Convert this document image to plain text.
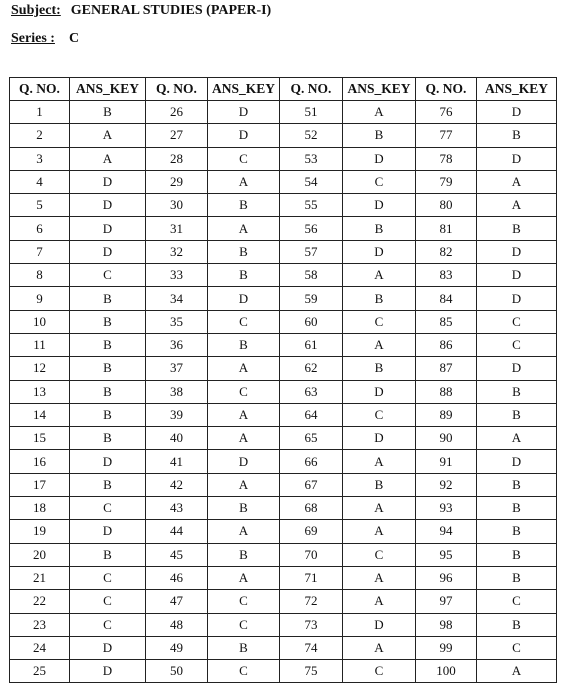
Subject: GENERAL STUDIES (PAPER-I)
Series : C
Q. NO.	ANS_KEY	Q. NO.	ANS_KEY	Q. NO.	ANS_KEY	Q. NO.	ANS_KEY
1	B	26	D	51	A	76	D
2	A	27	D	52	B	77	B
3	A	28	C	53	D	78	D
4	D	29	A	54	C	79	A
5	D	30	B	55	D	80	A
6	D	31	A	56	B	81	B
7	D	32	B	57	D	82	D
8	C	33	B	58	A	83	D
9	B	34	D	59	B	84	D
10	B	35	C	60	C	85	C
11	B	36	B	61	A	86	C
12	B	37	A	62	B	87	D
13	B	38	C	63	D	88	B
14	B	39	A	64	C	89	B
15	B	40	A	65	D	90	A
16	D	41	D	66	A	91	D
17	B	42	A	67	B	92	B
18	C	43	B	68	A	93	B
19	D	44	A	69	A	94	B
20	B	45	B	70	C	95	B
21	C	46	A	71	A	96	B
22	C	47	C	72	A	97	C
23	C	48	C	73	D	98	B
24	D	49	B	74	A	99	C
25	D	50	C	75	C	100	A
